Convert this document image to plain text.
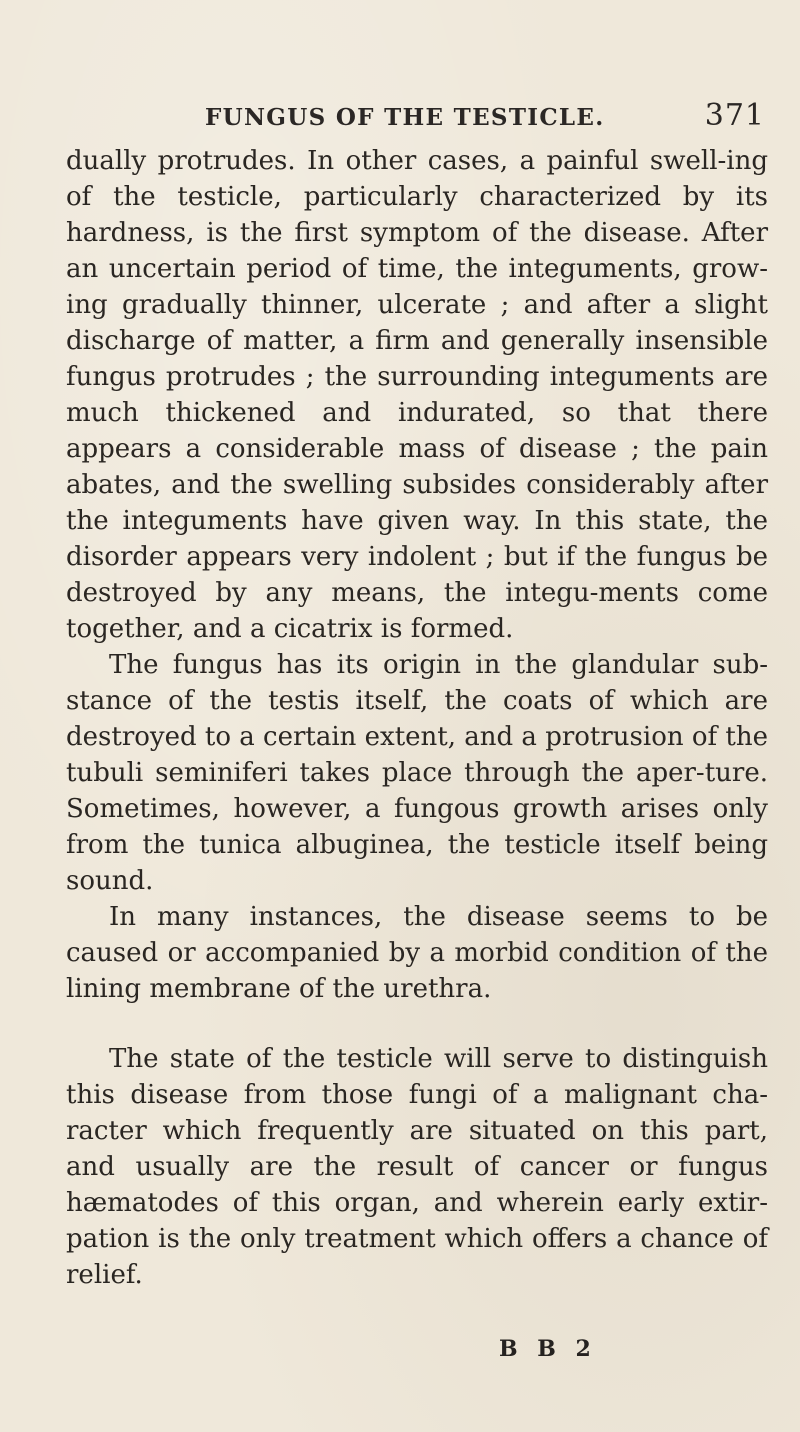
FUNGUS OF THE TESTICLE.	371

dually protrudes. In other cases, a painful swell-ing of the testicle, particularly characterized by its hardness, is the first symptom of the disease. After an uncertain period of time, the integuments, grow-ing gradually thinner, ulcerate ; and after a slight discharge of matter, a firm and generally insensible fungus protrudes ; the surrounding integuments are much thickened and indurated, so that there appears a considerable mass of disease ; the pain abates, and the swelling subsides considerably after the integuments have given way. In this state, the disorder appears very indolent ; but if the fungus be destroyed by any means, the integu-ments come together, and a cicatrix is formed.

The fungus has its origin in the glandular sub-stance of the testis itself, the coats of which are destroyed to a certain extent, and a protrusion of the tubuli seminiferi takes place through the aper-ture. Sometimes, however, a fungous growth arises only from the tunica albuginea, the testicle itself being sound.

In many instances, the disease seems to be caused or accompanied by a morbid condition of the lining membrane of the urethra.

The state of the testicle will serve to distinguish this disease from those fungi of a malignant cha-racter which frequently are situated on this part, and usually are the result of cancer or fungus hæmatodes of this organ, and wherein early extir-pation is the only treatment which offers a chance of relief.

B B 2
